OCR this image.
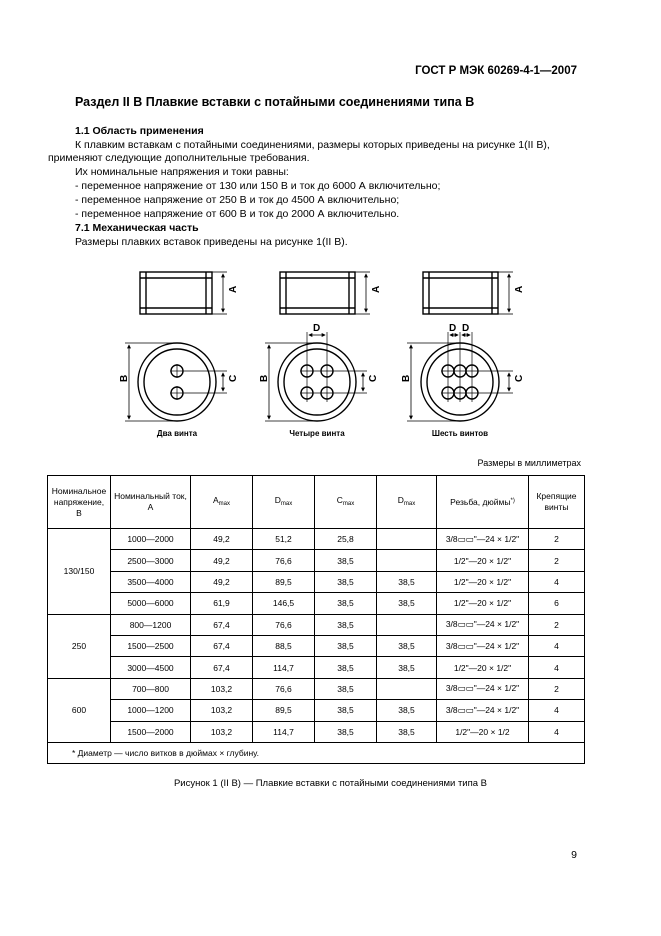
ГОСТ Р МЭК 60269-4-1—2007
Раздел II B Плавкие вставки с потайными соединениями типа B
1.1 Область применения
К плавким вставкам с потайными соединениями, размеры которых приведены на рисунке 1(II B),
применяют следующие дополнительные требования.
Их номинальные напряжения и токи равны:
- переменное напряжение от 130 или 150 В и ток до 6000 А включительно;
- переменное напряжение от 250 В и ток до 4500 А включительно;
- переменное напряжение от 600 В и ток до 2000 А включительно.
7.1 Механическая часть
Размеры плавких вставок приведены на рисунке 1(II B).
A	A	A
B	B	B
C	C	C
D	D D
Два винта	Четыре винта	Шесть винтов
Размеры в миллиметрах
Номинальное напряжение, В	Номинальный ток, А	$A_{max}$	$D_{max}$	$C_{max}$	$D_{max}$	Резьба, дюймы*)	Крепящие винты
130/150	1000—2000	49,2	51,2	25,8		3/8▭▭"—24 × 1/2"	2
	2500—3000	49,2	76,6	38,5		1/2"—20 × 1/2"	2
	3500—4000	49,2	89,5	38,5	38,5	1/2"—20 × 1/2"	4
	5000—6000	61,9	146,5	38,5	38,5	1/2"—20 × 1/2"	6
250	800—1200	67,4	76,6	38,5		3/8▭▭"—24 × 1/2"	2
	1500—2500	67,4	88,5	38,5	38,5	3/8▭▭"—24 × 1/2"	4
	3000—4500	67,4	114,7	38,5	38,5	1/2"—20 × 1/2"	4
600	700—800	103,2	76,6	38,5		3/8▭▭"—24 × 1/2"	2
	1000—1200	103,2	89,5	38,5	38,5	3/8▭▭"—24 × 1/2"	4
	1500—2000	103,2	114,7	38,5	38,5	1/2"—20 × 1/2	4
* Диаметр — число витков в дюймах × глубину.							
Рисунок 1 (II B) — Плавкие вставки с потайными соединениями типа B
9
